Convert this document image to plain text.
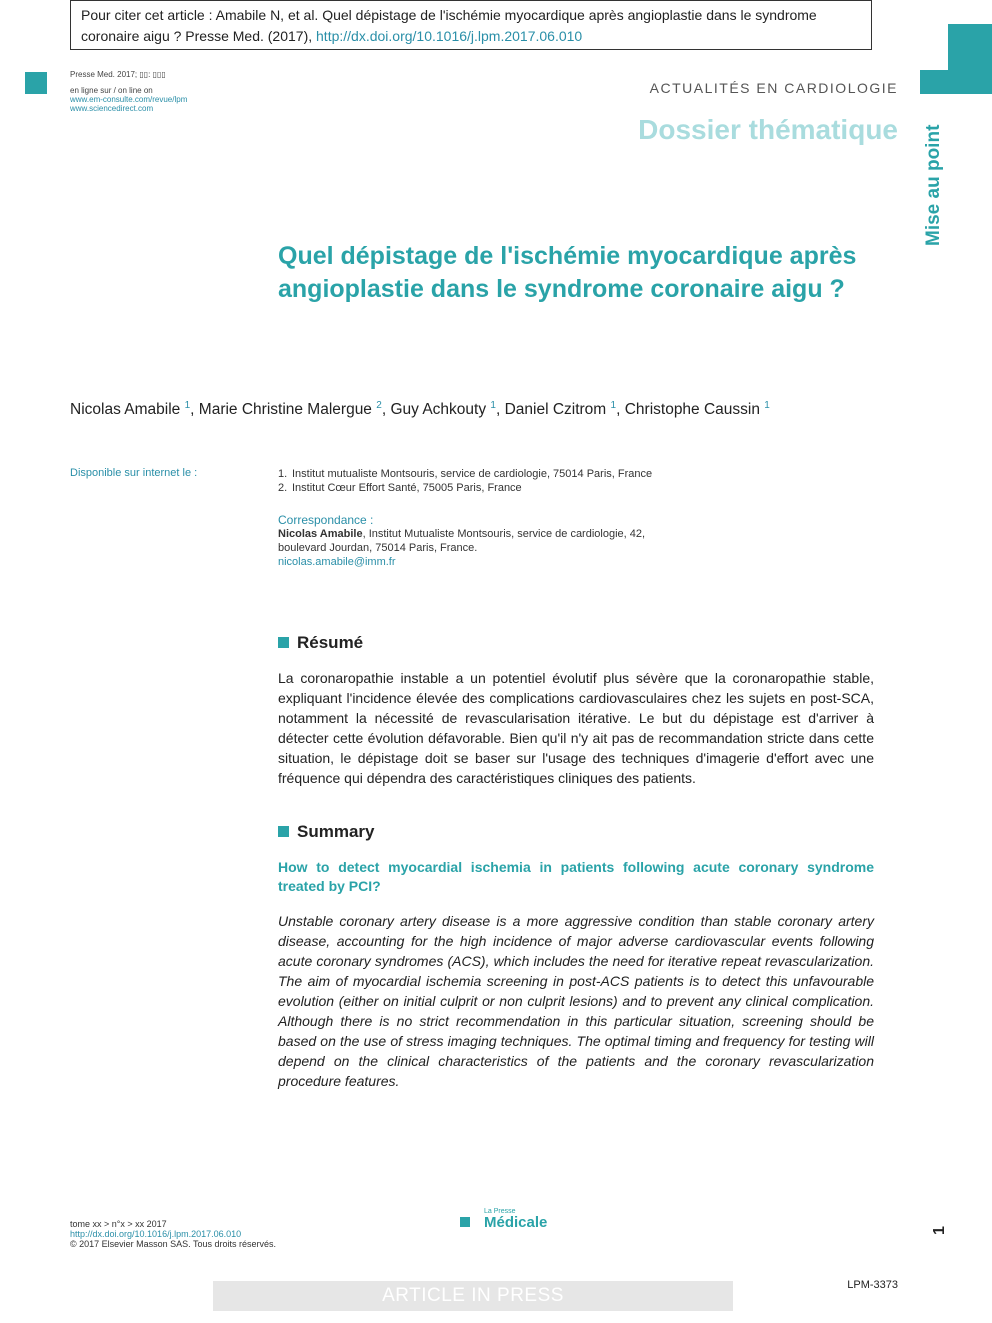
Pour citer cet article : Amabile N, et al. Quel dépistage de l'ischémie myocardique après angioplastie dans le syndrome coronaire aigu ? Presse Med. (2017), http://dx.doi.org/10.1016/j.lpm.2017.06.010
Presse Med. 2017; ▯▯: ▯▯▯
en ligne sur / on line on
www.em-consulte.com/revue/lpm
www.sciencedirect.com
ACTUALITÉS EN CARDIOLOGIE
Dossier thématique Mise au point
Quel dépistage de l'ischémie myocardique après angioplastie dans le syndrome coronaire aigu ?
Nicolas Amabile $^1$, Marie Christine Malergue $^2$, Guy Achkouty $^1$, Daniel Czitrom $^1$, Christophe Caussin $^1$
Disponible sur internet le :	1. Institut mutualiste Montsouris, service de cardiologie, 75014 Paris, France
2. Institut Cœur Effort Santé, 75005 Paris, France
Correspondance :
Nicolas Amabile, Institut Mutualiste Montsouris, service de cardiologie, 42,
boulevard Jourdan, 75014 Paris, France.
nicolas.amabile@imm.fr
Résumé
La coronaropathie instable a un potentiel évolutif plus sévère que la coronaropathie stable, expliquant l'incidence élevée des complications cardiovasculaires chez les sujets en post-SCA, notamment la nécessité de revascularisation itérative. Le but du dépistage est d'arriver à détecter cette évolution défavorable. Bien qu'il n'y ait pas de recommandation stricte dans cette situation, le dépistage doit se baser sur l'usage des techniques d'imagerie d'effort avec une fréquence qui dépendra des caractéristiques cliniques des patients.
Summary
How to detect myocardial ischemia in patients following acute coronary syndrome treated by PCI?
Unstable coronary artery disease is a more aggressive condition than stable coronary artery disease, accounting for the high incidence of major adverse cardiovascular events following acute coronary syndromes (ACS), which includes the need for iterative repeat revascularization. The aim of myocardial ischemia screening in post-ACS patients is to detect this unfavourable evolution (either on initial culprit or non culprit lesions) and to prevent any clinical complication. Although there is no strict recommendation in this particular situation, screening should be based on the use of stress imaging techniques. The optimal timing and frequency for testing will depend on the clinical characteristics of the patients and the coronary revascularization procedure features.
tome xx > n°x > xx 2017
http://dx.doi.org/10.1016/j.lpm.2017.06.010
© 2017 Elsevier Masson SAS. Tous droits réservés.
La Presse
Médicale	1
ARTICLE IN PRESS	LPM-3373
